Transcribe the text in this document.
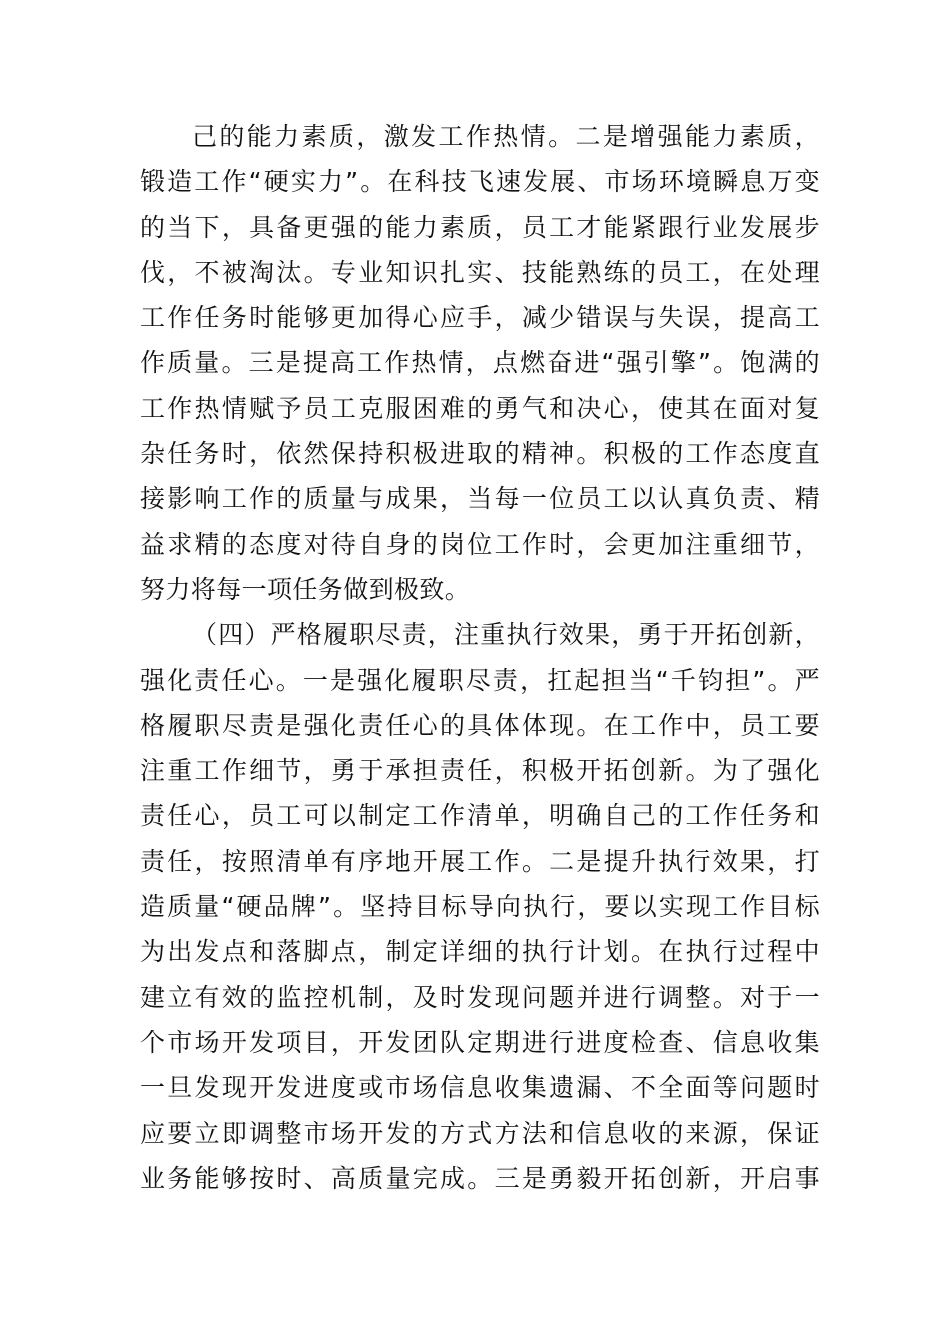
己的能力素质，激发工作热情。二是增强能力素质，
锻造工作“硬实力”。在科技飞速发展、市场环境瞬息万变
的当下，具备更强的能力素质，员工才能紧跟行业发展步
伐，不被淘汰。专业知识扎实、技能熟练的员工，在处理
工作任务时能够更加得心应手，减少错误与失误，提高工
作质量。三是提高工作热情，点燃奋进“强引擎”。饱满的
工作热情赋予员工克服困难的勇气和决心，使其在面对复
杂任务时，依然保持积极进取的精神。积极的工作态度直
接影响工作的质量与成果，当每一位员工以认真负责、精
益求精的态度对待自身的岗位工作时，会更加注重细节，
努力将每一项任务做到极致。
（四）严格履职尽责，注重执行效果，勇于开拓创新，
强化责任心。一是强化履职尽责，扛起担当“千钧担”。严
格履职尽责是强化责任心的具体体现。在工作中，员工要
注重工作细节，勇于承担责任，积极开拓创新。为了强化
责任心，员工可以制定工作清单，明确自己的工作任务和
责任，按照清单有序地开展工作。二是提升执行效果，打
造质量“硬品牌”。坚持目标导向执行，要以实现工作目标
为出发点和落脚点，制定详细的执行计划。在执行过程中
建立有效的监控机制，及时发现问题并进行调整。对于一
个市场开发项目，开发团队定期进行进度检查、信息收集
一旦发现开发进度或市场信息收集遗漏、不全面等问题时
应要立即调整市场开发的方式方法和信息收的来源，保证
业务能够按时、高质量完成。三是勇毅开拓创新，开启事
